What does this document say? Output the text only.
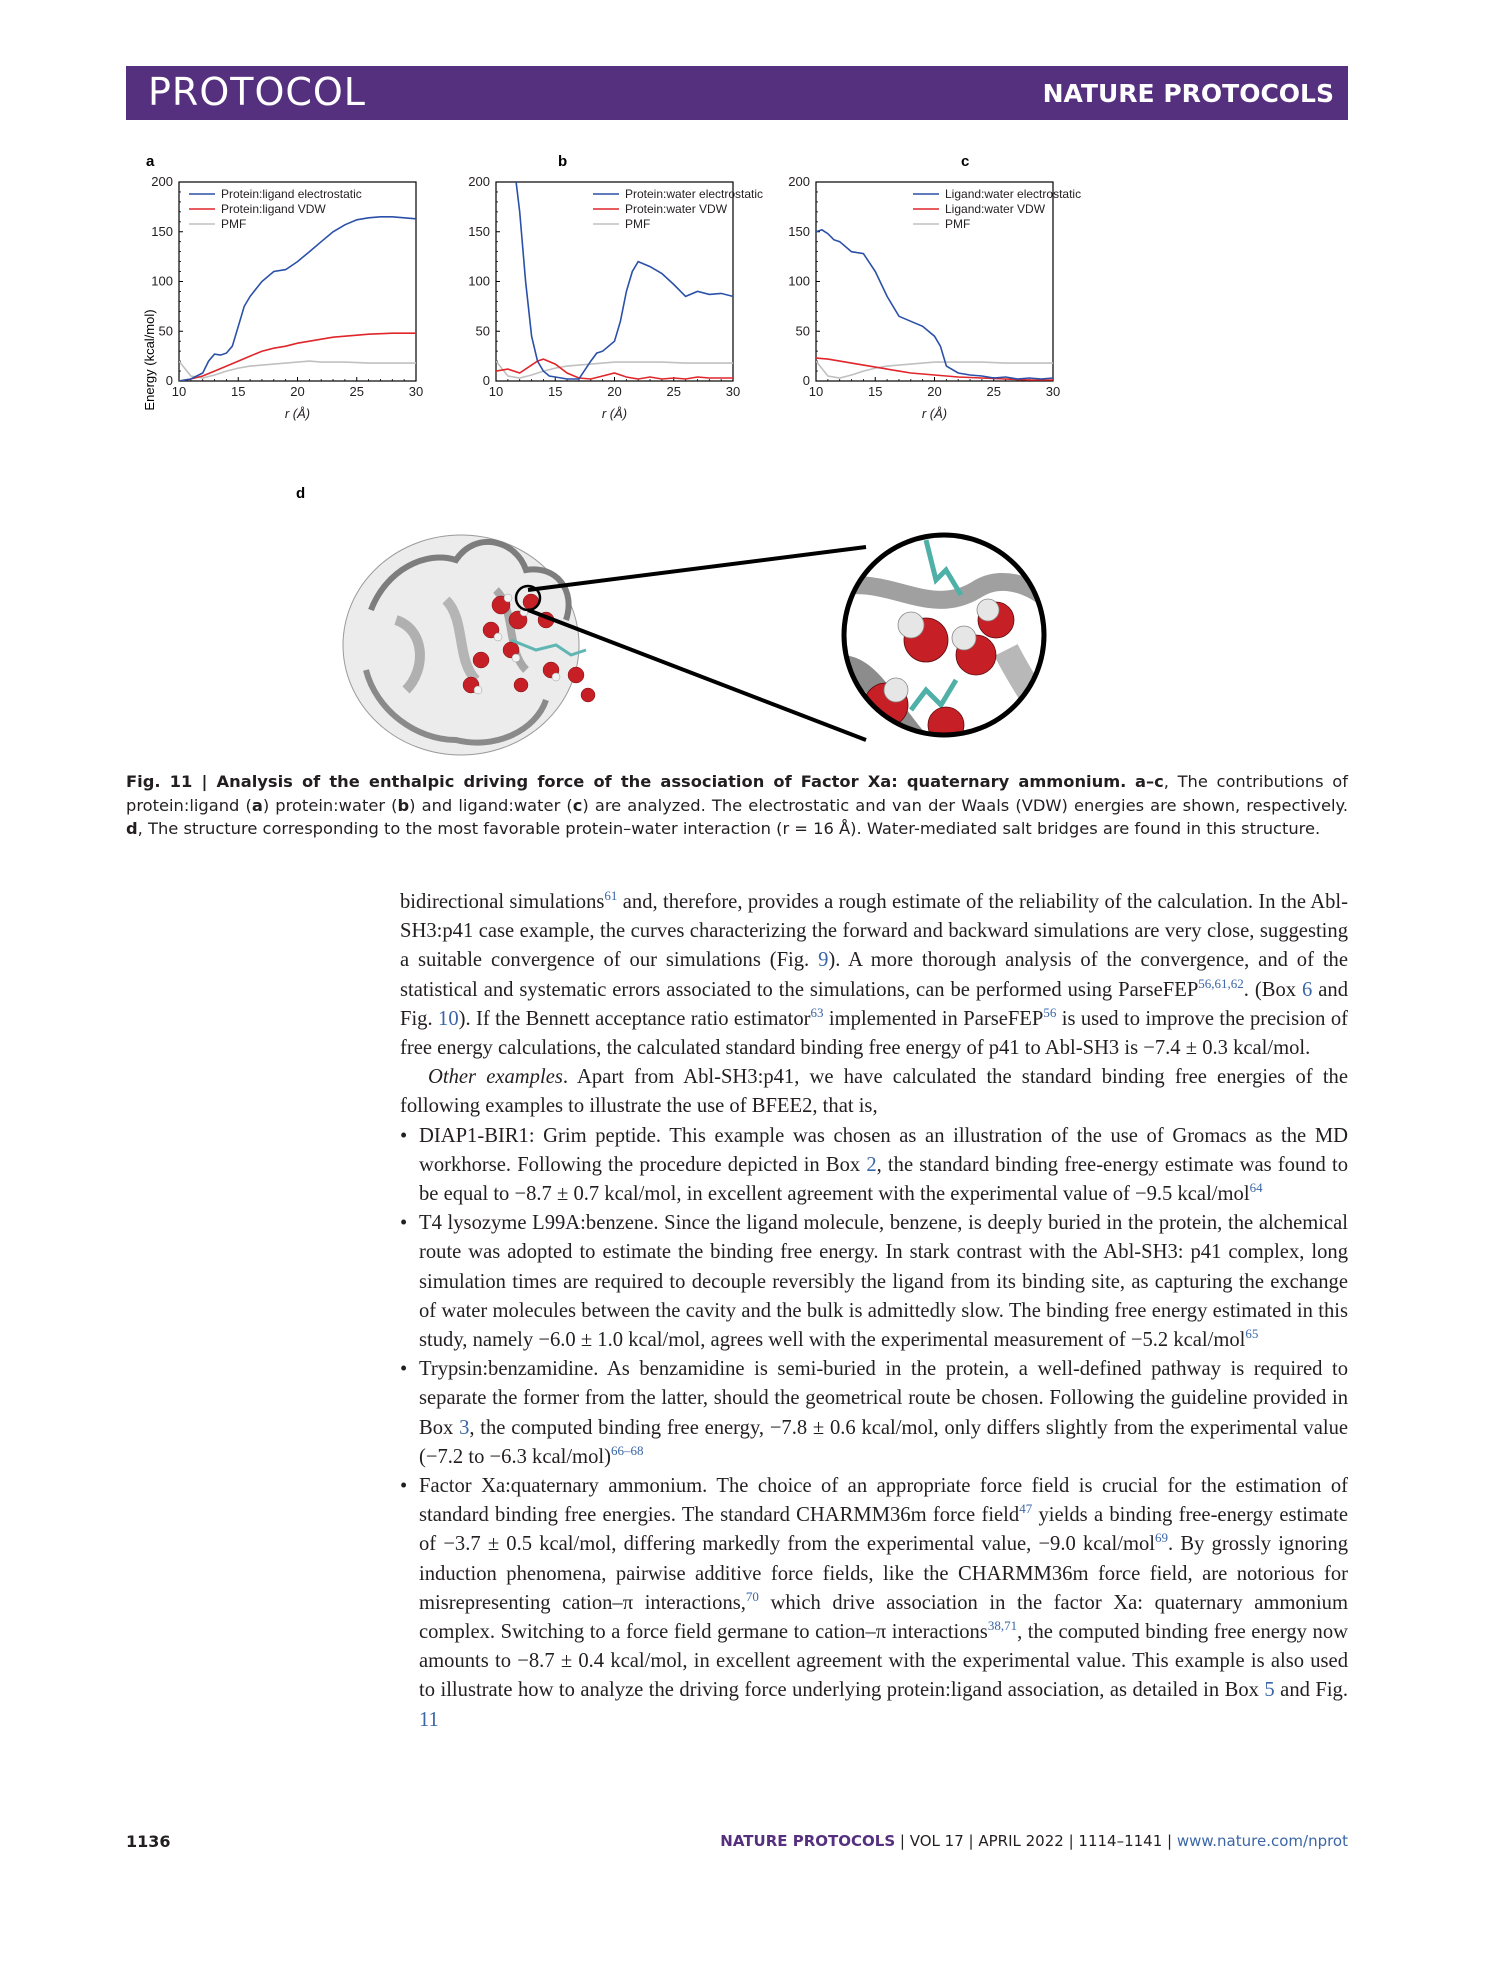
PROTOCOL	NATURE PROTOCOLS
a	b	c
d
Energy (kcal/mol) 10	15	20	25	30
0
50
100
150
200
r (Å)
Protein:ligand electrostatic
Protein:ligand VDW
PMF
10	15	20	25	30
0
50
100
150
200
r (Å)
Protein:water electrostatic
Protein:water VDW
PMF
10	15	20	25	30
0
50
100
150
200
r (Å)
Ligand:water electrostatic
Ligand:water VDW
PMF
Fig. 11 | Analysis of the enthalpic driving force of the association of Factor Xa: quaternary ammonium. a–c, The contributions of protein:ligand (a) protein:water (b) and ligand:water (c) are analyzed. The electrostatic and van der Waals (VDW) energies are shown, respectively. d, The structure corresponding to the most favorable protein–water interaction (r = 16 Å). Water-mediated salt bridges are found in this structure.

bidirectional simulations$^{61}$ and, therefore, provides a rough estimate of the reliability of the calculation. In the Abl-SH3:p41 case example, the curves characterizing the forward and backward simulations are very close, suggesting a suitable convergence of our simulations (Fig. 9). A more thorough analysis of the convergence, and of the statistical and systematic errors associated to the simulations, can be performed using ParseFEP$^{56,61,62}$. (Box 6 and Fig. 10). If the Bennett acceptance ratio estimator$^{63}$ implemented in ParseFEP$^{56}$ is used to improve the precision of free energy calculations, the calculated standard binding free energy of p41 to Abl-SH3 is −7.4 ± 0.3 kcal/mol.

Other examples. Apart from Abl-SH3:p41, we have calculated the standard binding free energies of the following examples to illustrate the use of BFEE2, that is,

• DIAP1-BIR1: Grim peptide. This example was chosen as an illustration of the use of Gromacs as the MD workhorse. Following the procedure depicted in Box 2, the standard binding free-energy estimate was found to be equal to −8.7 ± 0.7 kcal/mol, in excellent agreement with the experimental value of −9.5 kcal/mol$^{64}$
• T4 lysozyme L99A:benzene. Since the ligand molecule, benzene, is deeply buried in the protein, the alchemical route was adopted to estimate the binding free energy. In stark contrast with the Abl-SH3: p41 complex, long simulation times are required to decouple reversibly the ligand from its binding site, as capturing the exchange of water molecules between the cavity and the bulk is admittedly slow. The binding free energy estimated in this study, namely −6.0 ± 1.0 kcal/mol, agrees well with the experimental measurement of −5.2 kcal/mol$^{65}$
• Trypsin:benzamidine. As benzamidine is semi-buried in the protein, a well-defined pathway is required to separate the former from the latter, should the geometrical route be chosen. Following the guideline provided in Box 3, the computed binding free energy, −7.8 ± 0.6 kcal/mol, only differs slightly from the experimental value (−7.2 to −6.3 kcal/mol)$^{66-68}$
• Factor Xa:quaternary ammonium. The choice of an appropriate force field is crucial for the estimation of standard binding free energies. The standard CHARMM36m force field$^{47}$ yields a binding free-energy estimate of −3.7 ± 0.5 kcal/mol, differing markedly from the experimental value, −9.0 kcal/mol$^{69}$. By grossly ignoring induction phenomena, pairwise additive force fields, like the CHARMM36m force field, are notorious for misrepresenting cation–π interactions,$^{70}$ which drive association in the factor Xa: quaternary ammonium complex. Switching to a force field germane to cation–π interactions$^{38,71}$, the computed binding free energy now amounts to −8.7 ± 0.4 kcal/mol, in excellent agreement with the experimental value. This example is also used to illustrate how to analyze the driving force underlying protein:ligand association, as detailed in Box 5 and Fig. 11
1136	NATURE PROTOCOLS | VOL 17 | APRIL 2022 | 1114–1141 | www.nature.com/nprot
